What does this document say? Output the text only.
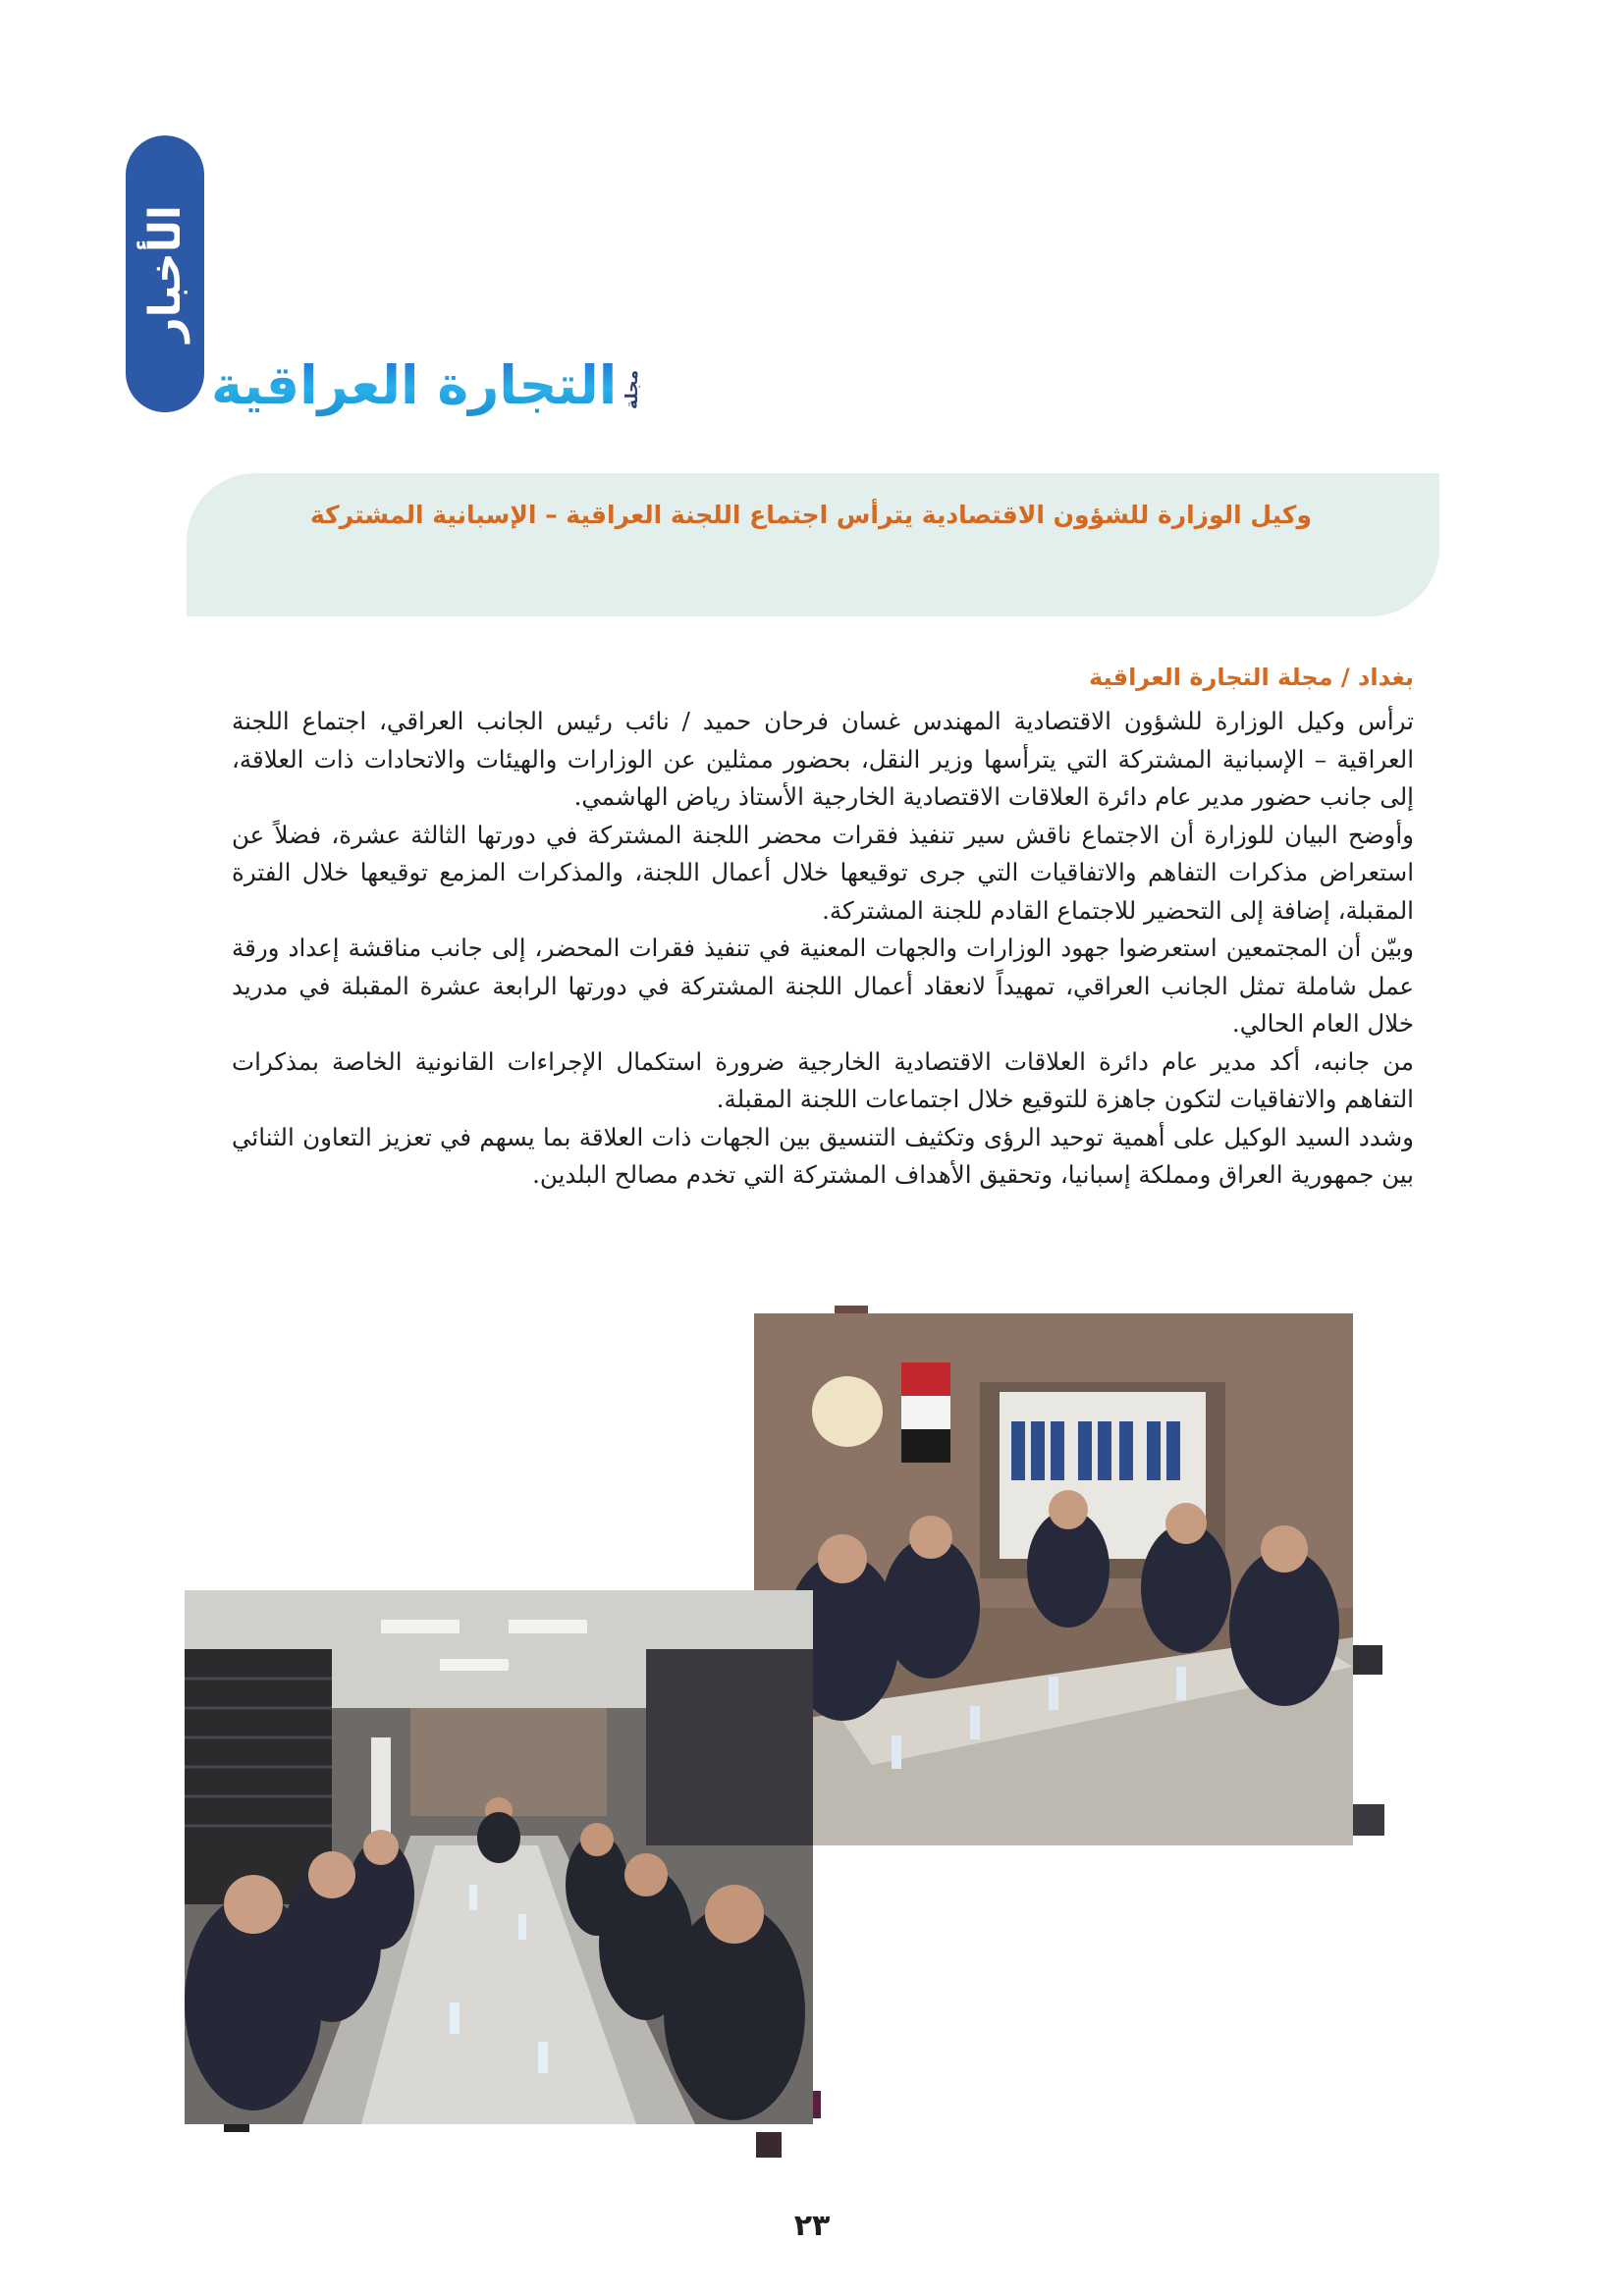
الأخبار
مجلة
التجارة العراقية
وكيل الوزارة للشؤون الاقتصادية يترأس اجتماع اللجنة العراقية – الإسبانية المشتركة

بغداد / مجلة التجارة العراقية

ترأس وكيل الوزارة للشؤون الاقتصادية المهندس غسان فرحان حميد / نائب رئيس الجانب العراقي، اجتماع اللجنة العراقية – الإسبانية المشتركة التي يترأسها وزير النقل، بحضور ممثلين عن الوزارات والهيئات والاتحادات ذات العلاقة، إلى جانب حضور مدير عام دائرة العلاقات الاقتصادية الخارجية الأستاذ رياض الهاشمي.

وأوضح البيان للوزارة أن الاجتماع ناقش سير تنفيذ فقرات محضر اللجنة المشتركة في دورتها الثالثة عشرة، فضلاً عن استعراض مذكرات التفاهم والاتفاقيات التي جرى توقيعها خلال أعمال اللجنة، والمذكرات المزمع توقيعها خلال الفترة المقبلة، إضافة إلى التحضير للاجتماع القادم للجنة المشتركة.

وبيّن أن المجتمعين استعرضوا جهود الوزارات والجهات المعنية في تنفيذ فقرات المحضر، إلى جانب مناقشة إعداد ورقة عمل شاملة تمثل الجانب العراقي، تمهيداً لانعقاد أعمال اللجنة المشتركة في دورتها الرابعة عشرة المقبلة في مدريد خلال العام الحالي.

من جانبه، أكد مدير عام دائرة العلاقات الاقتصادية الخارجية ضرورة استكمال الإجراءات القانونية الخاصة بمذكرات التفاهم والاتفاقيات لتكون جاهزة للتوقيع خلال اجتماعات اللجنة المقبلة.

وشدد السيد الوكيل على أهمية توحيد الرؤى وتكثيف التنسيق بين الجهات ذات العلاقة بما يسهم في تعزيز التعاون الثنائي بين جمهورية العراق ومملكة إسبانيا، وتحقيق الأهداف المشتركة التي تخدم مصالح البلدين.

٢٣
